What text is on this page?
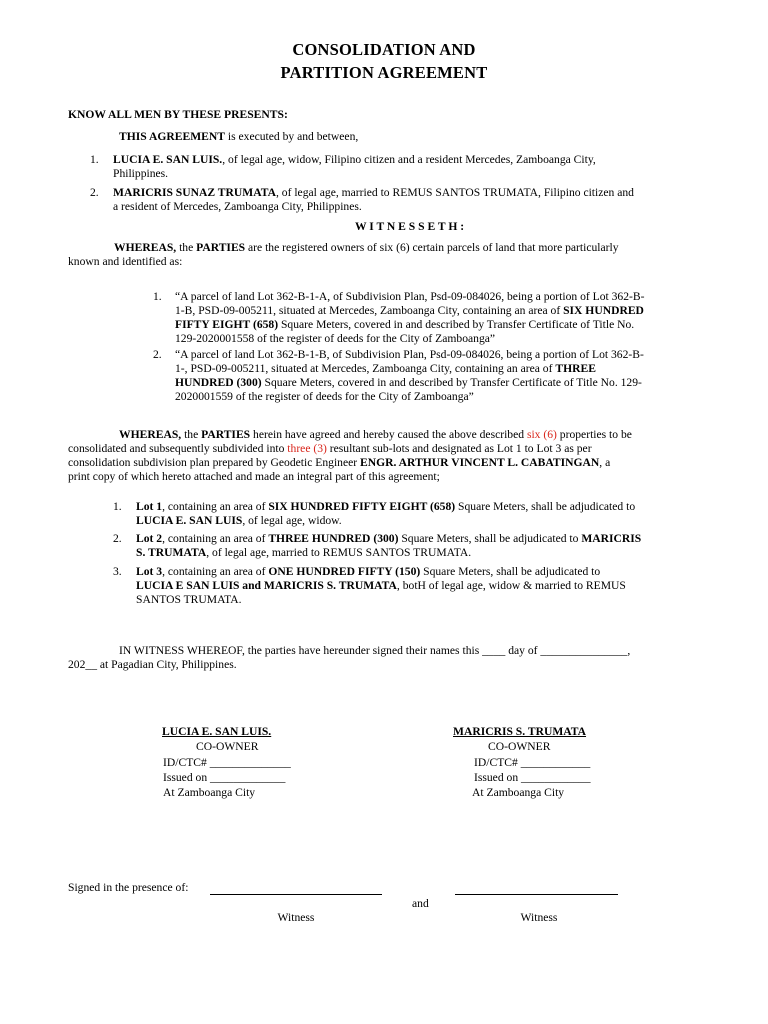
CONSOLIDATION AND
PARTITION AGREEMENT
KNOW ALL MEN BY THESE PRESENTS:
THIS AGREEMENT is executed by and between,
1. LUCIA E. SAN LUIS., of legal age, widow, Filipino citizen and a resident Mercedes, Zamboanga City,
Philippines.
2. MARICRIS SUNAZ TRUMATA, of legal age, married to REMUS SANTOS TRUMATA, Filipino citizen and
a resident of Mercedes, Zamboanga City, Philippines.
W I T N E S S E T H :
WHEREAS, the PARTIES are the registered owners of six (6) certain parcels of land that more particularly
known and identified as:
1. “A parcel of land Lot 362-B-1-A, of Subdivision Plan, Psd-09-084026, being a portion of Lot 362-B-
1-B, PSD-09-005211, situated at Mercedes, Zamboanga City, containing an area of SIX HUNDRED
FIFTY EIGHT (658) Square Meters, covered in and described by Transfer Certificate of Title No.
129-2020001558 of the register of deeds for the City of Zamboanga”
2. “A parcel of land Lot 362-B-1-B, of Subdivision Plan, Psd-09-084026, being a portion of Lot 362-B-
1-, PSD-09-005211, situated at Mercedes, Zamboanga City, containing an area of THREE
HUNDRED (300) Square Meters, covered in and described by Transfer Certificate of Title No. 129-
2020001559 of the register of deeds for the City of Zamboanga”
WHEREAS, the PARTIES herein have agreed and hereby caused the above described six (6) properties to be
consolidated and subsequently subdivided into three (3) resultant sub-lots and designated as Lot 1 to Lot 3 as per
consolidation subdivision plan prepared by Geodetic Engineer ENGR. ARTHUR VINCENT L. CABATINGAN, a
print copy of which hereto attached and made an integral part of this agreement;
1. Lot 1, containing an area of SIX HUNDRED FIFTY EIGHT (658) Square Meters, shall be adjudicated to
LUCIA E. SAN LUIS, of legal age, widow.
2. Lot 2, containing an area of THREE HUNDRED (300) Square Meters, shall be adjudicated to MARICRIS
S. TRUMATA, of legal age, married to REMUS SANTOS TRUMATA.
3. Lot 3, containing an area of ONE HUNDRED FIFTY (150) Square Meters, shall be adjudicated to
LUCIA E SAN LUIS and MARICRIS S. TRUMATA, botH of legal age, widow & married to REMUS
SANTOS TRUMATA.
IN WITNESS WHEREOF, the parties have hereunder signed their names this ____ day of _______________,
202__ at Pagadian City, Philippines.
LUCIA E. SAN LUIS.
CO-OWNER
ID/CTC# ______________
Issued on _____________
At Zamboanga City
MARICRIS S. TRUMATA
CO-OWNER
ID/CTC# ____________
Issued on ____________
At Zamboanga City
Signed in the presence of:
and
Witness	Witness
